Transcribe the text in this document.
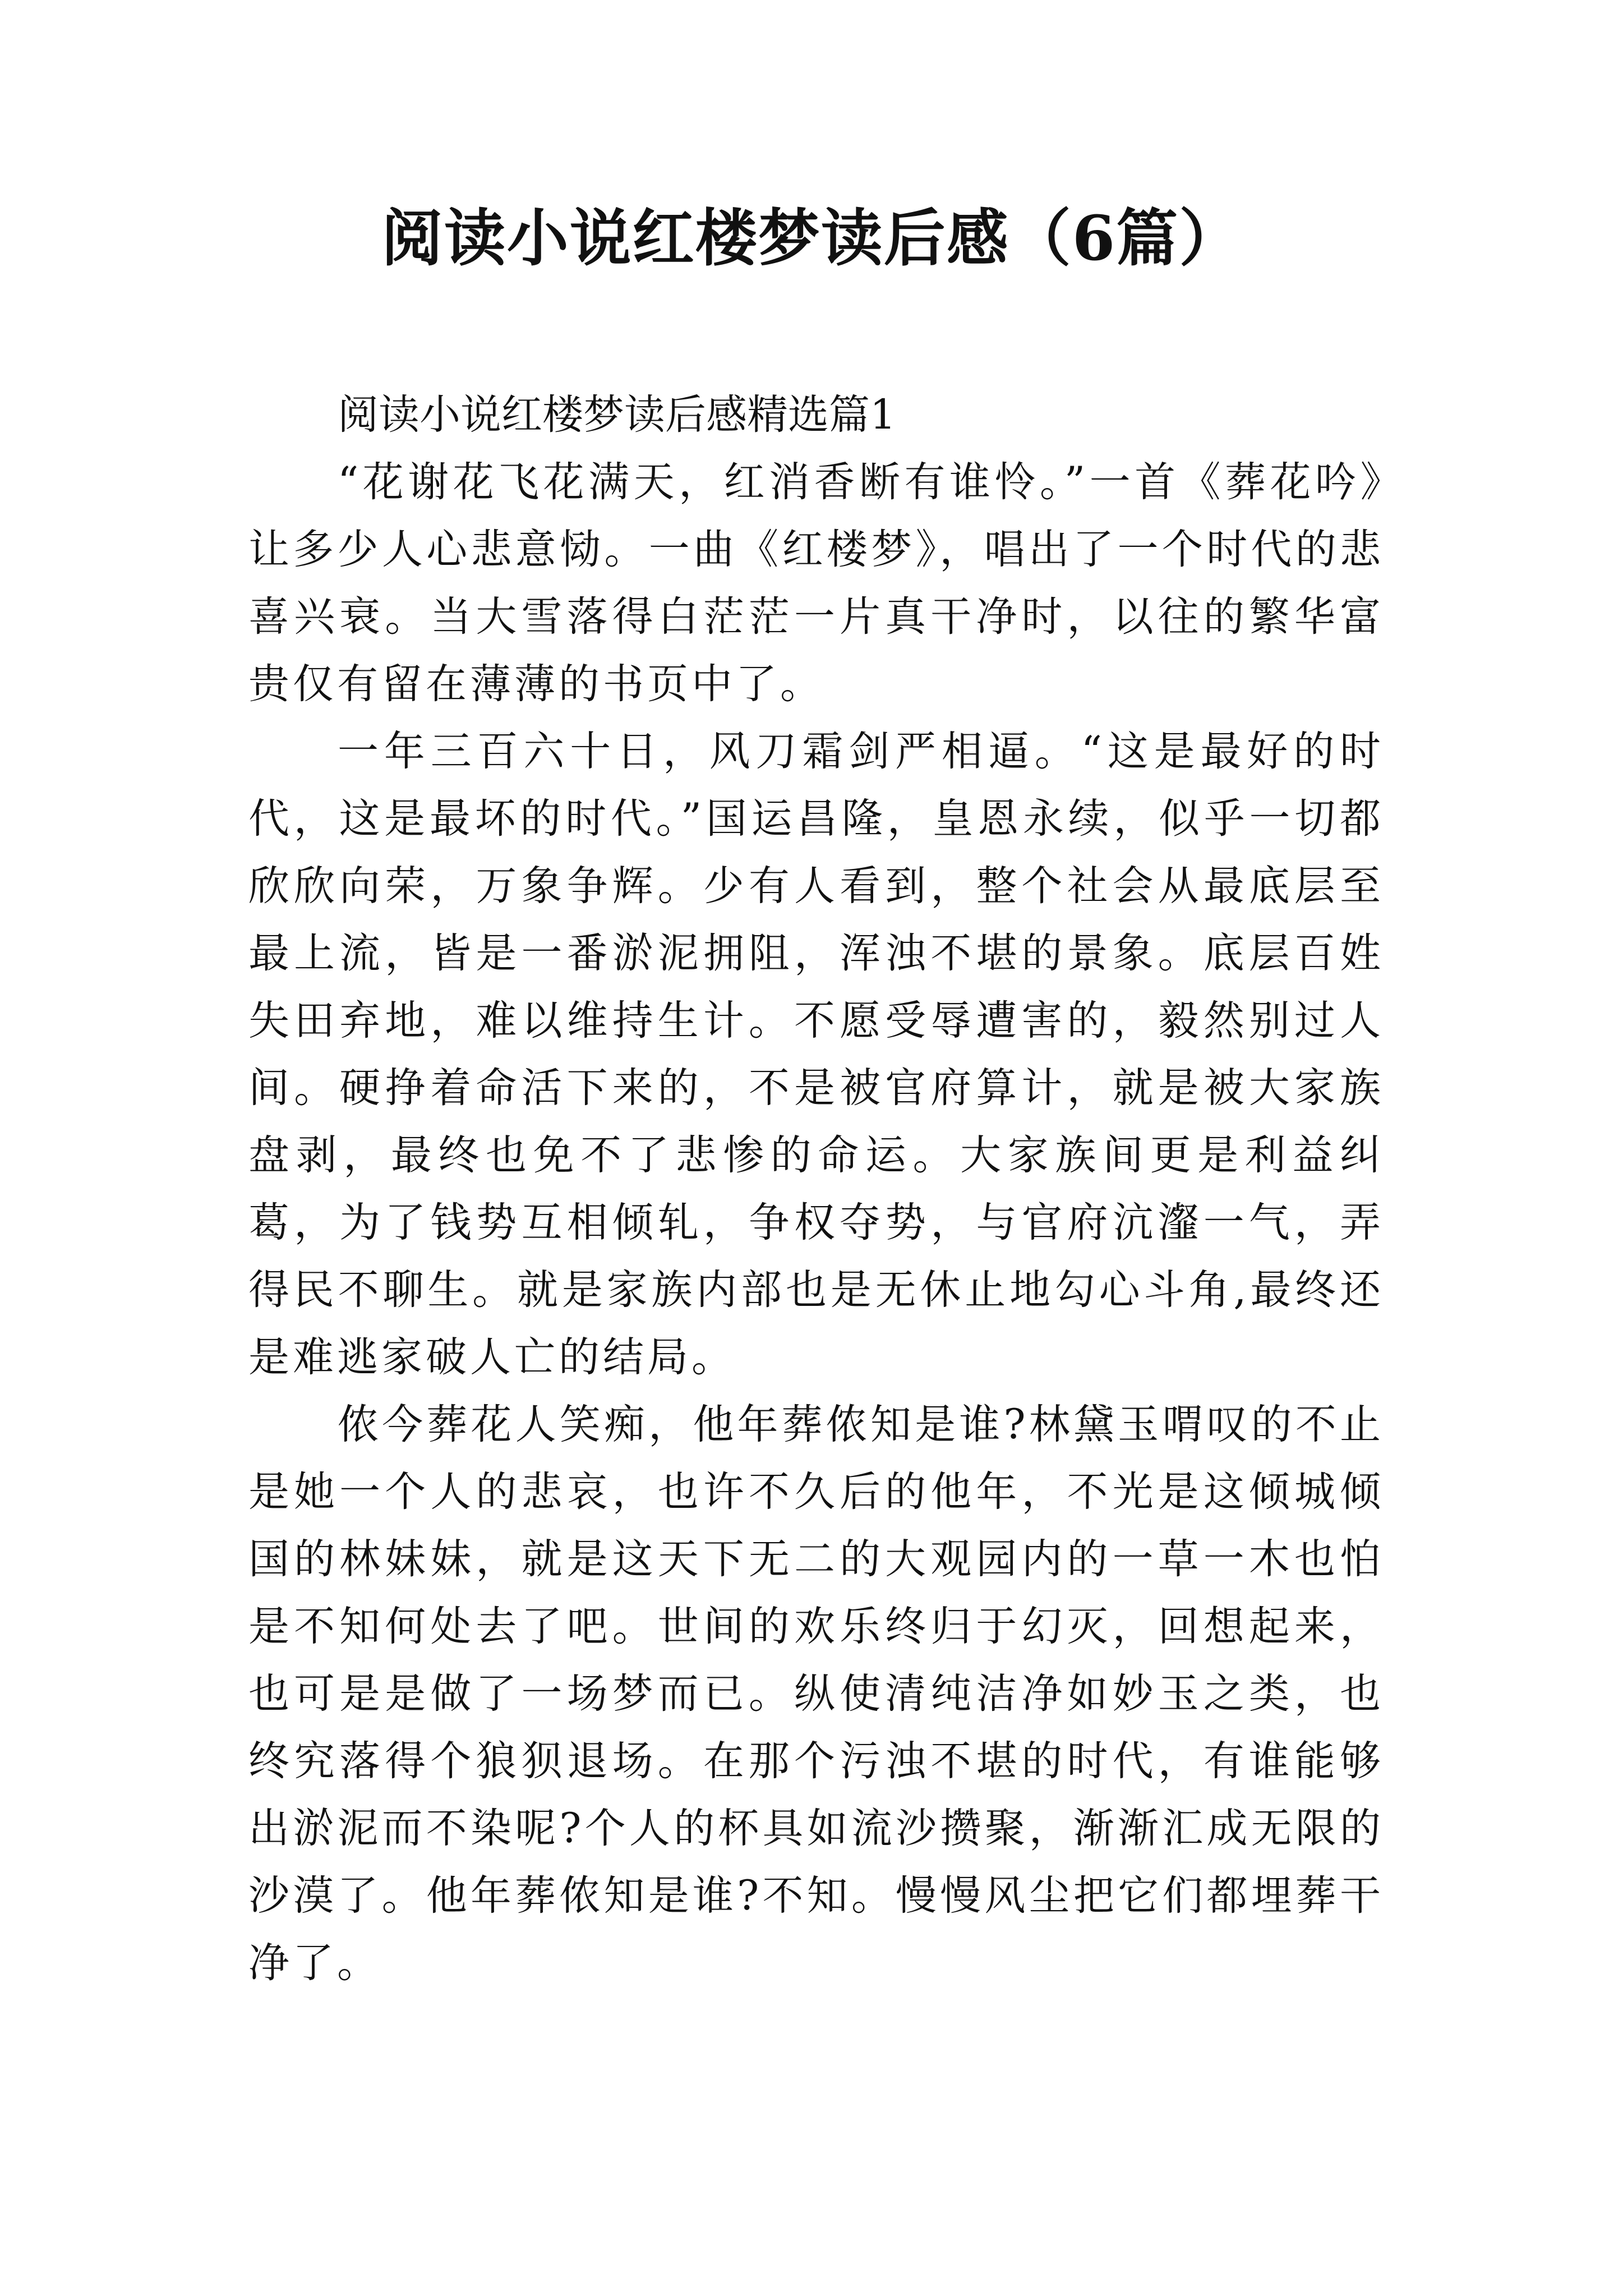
阅读小说红楼梦读后感（6篇）

阅读小说红楼梦读后感精选篇1

“花谢花飞花满天，红消香断有谁怜。”一首《葬花吟》让多少人心悲意恸。一曲《红楼梦》，唱出了一个时代的悲喜兴衰。当大雪落得白茫茫一片真干净时，以往的繁华富贵仅有留在薄薄的书页中了。

一年三百六十日，风刀霜剑严相逼。“这是最好的时代，这是最坏的时代。”国运昌隆，皇恩永续，似乎一切都欣欣向荣，万象争辉。少有人看到，整个社会从最底层至最上流，皆是一番淤泥拥阻，浑浊不堪的景象。底层百姓失田弃地，难以维持生计。不愿受辱遭害的，毅然别过人间。硬挣着命活下来的，不是被官府算计，就是被大家族盘剥，最终也免不了悲惨的命运。大家族间更是利益纠葛，为了钱势互相倾轧，争权夺势，与官府沆瀣一气，弄得民不聊生。就是家族内部也是无休止地勾心斗角,最终还是难逃家破人亡的结局。

侬今葬花人笑痴，他年葬侬知是谁?林黛玉喟叹的不止是她一个人的悲哀，也许不久后的他年，不光是这倾城倾国的林妹妹，就是这天下无二的大观园内的一草一木也怕是不知何处去了吧。世间的欢乐终归于幻灭，回想起来，也可是是做了一场梦而已。纵使清纯洁净如妙玉之类，也终究落得个狼狈退场。在那个污浊不堪的时代，有谁能够出淤泥而不染呢?个人的杯具如流沙攒聚，渐渐汇成无限的沙漠了。他年葬侬知是谁?不知。慢慢风尘把它们都埋葬干净了。
